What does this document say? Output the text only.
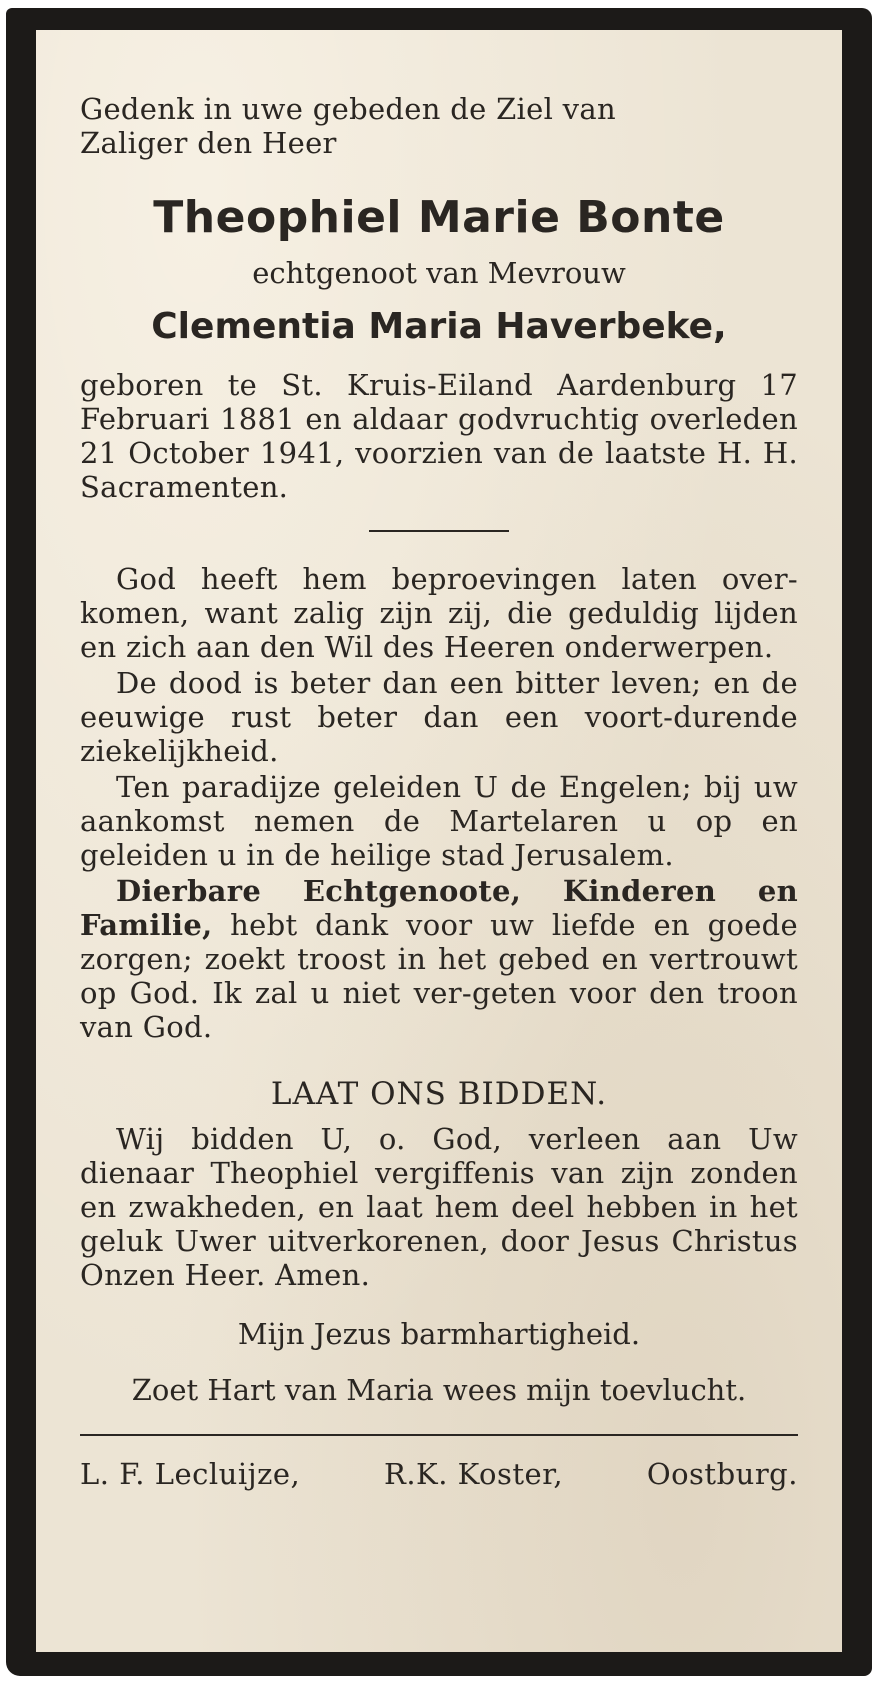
Gedenk in uwe gebeden de Ziel van
Zaliger den Heer

Theophiel Marie Bonte

echtgenoot van Mevrouw

Clementia Maria Haverbeke,

geboren te St. Kruis-Eiland Aardenburg 17 Februari 1881 en aldaar godvruchtig overleden 21 October 1941, voorzien van de laatste H. H. Sacramenten.

God heeft hem beproevingen laten over-komen, want zalig zijn zij, die geduldig lijden en zich aan den Wil des Heeren onderwerpen.

De dood is beter dan een bitter leven; en de eeuwige rust beter dan een voort-durende ziekelijkheid.

Ten paradijze geleiden U de Engelen; bij uw aankomst nemen de Martelaren u op en geleiden u in de heilige stad Jerusalem.

Dierbare Echtgenoote, Kinderen en Familie, hebt dank voor uw liefde en goede zorgen; zoekt troost in het gebed en vertrouwt op God. Ik zal u niet ver-geten voor den troon van God.

LAAT ONS BIDDEN.

Wij bidden U, o. God, verleen aan Uw dienaar Theophiel vergiffenis van zijn zonden en zwakheden, en laat hem deel hebben in het geluk Uwer uitverkorenen, door Jesus Christus Onzen Heer. Amen.

Mijn Jezus barmhartigheid.

Zoet Hart van Maria wees mijn toevlucht.

L. F. Lecluijze,	R.K. Koster,	Oostburg.
